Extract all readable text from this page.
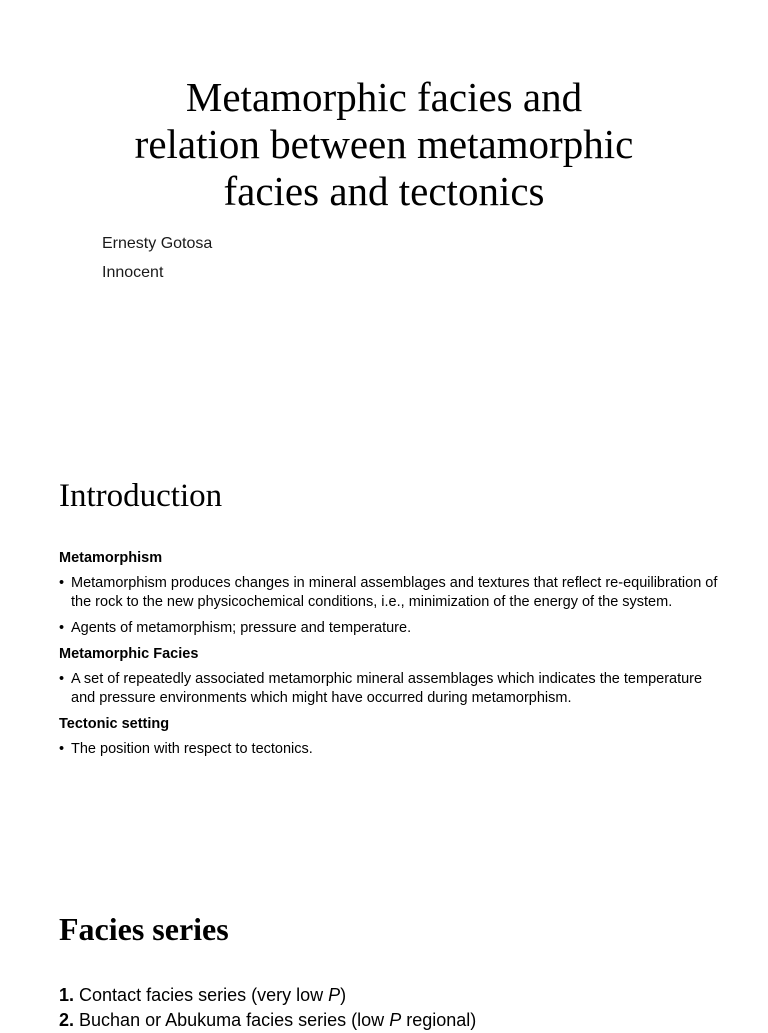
Metamorphic facies and
relation between metamorphic
facies and tectonics
Ernesty Gotosa
Innocent
Introduction
Metamorphism
• Metamorphism produces changes in mineral assemblages and textures that reflect re-equilibration of the rock to the new physicochemical conditions, i.e., minimization of the energy of the system.
• Agents of metamorphism; pressure and temperature.
Metamorphic Facies
• A set of repeatedly associated metamorphic mineral assemblages which indicates the temperature and pressure environments which might have occurred during metamorphism.
Tectonic setting
• The position with respect to tectonics.
Facies series
1. Contact facies series (very low P)
2. Buchan or Abukuma facies series (low P regional)
